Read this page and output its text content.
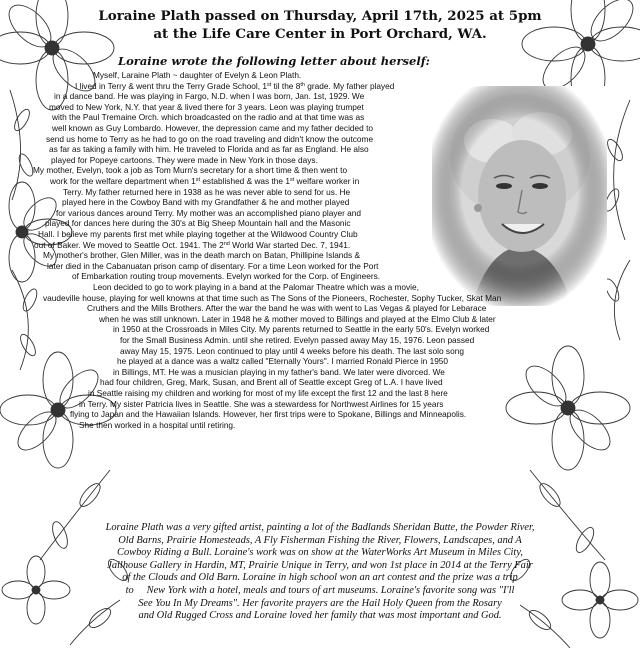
Loraine Plath passed on Thursday, April 17th, 2025 at 5pm
at the Life Care Center in Port Orchard, WA.
Loraine wrote the following letter about herself:
Myself, Laraine Plath ~ daughter of Evelyn & Leon Plath.
I lived in Terry & went thru the Terry Grade School, 1st til the 8th grade. My father played
in a dance band. He was playing in Fargo, N.D. when I was born, Jan. 1st, 1929. We
moved to New York, N.Y. that year & lived there for 3 years. Leon was playing trumpet
with the Paul Tremaine Orch. which broadcasted on the radio and at that time was as
well known as Guy Lombardo. However, the depression came and my father decided to
send us home to Terry as he had to go on the road traveling and didn't know the outcome
as far as taking a family with him. He traveled to Florida and as far as England. He also
played for Popeye cartoons. They were made in New York in those days.
My mother, Evelyn, took a job as Tom Murn's secretary for a short time & then went to
work for the welfare department when 1st established & was the 1st welfare worker in
Terry. My father returned here in 1938 as he was never able to send for us. He
played here in the Cowboy Band with my Grandfather & he and mother played
for various dances around Terry. My mother was an accomplished piano player and
played for dances here during the 30's at Big Sheep Mountain hall and the Masonic
Hall. I believe my parents first met while playing together at the Wildwood Country Club
out of Baker. We moved to Seattle Oct. 1941. The 2nd World War started Dec. 7, 1941.
My mother's brother, Glen Miller, was in the death march on Batan, Phillipine Islands &
later died in the Cabanuatan prison camp of disentary. For a time Leon worked for the Port
of Embarkation routing troup movements. Evelyn worked for the Corp. of Engineers.
Leon decided to go to work playing in a band at the Palomar Theatre which was a movie,
vaudeville house, playing for well knowns at that time such as The Sons of the Pioneers, Rochester, Sophy Tucker, Skat Man
Cruthers and the Mills Brothers. After the war the band he was with went to Las Vegas & played for Lebarace
when he was still unknown. Later in 1948 he & mother moved to Billings and played at the Elmo Club & later
in 1950 at the Crossroads in Miles City. My parents returned to Seattle in the early 50's. Evelyn worked
for the Small Business Admin. until she retired. Evelyn passed away May 15, 1976. Leon passed
away May 15, 1975. Leon continued to play until 4 weeks before his death. The last solo song
he played at a dance was a waltz called "Eternally Yours". I married Ronald Pierce in 1950
in Billings, MT. He was a musician playing in my father's band. We later were divorced. We
had four children, Greg, Mark, Susan, and Brent all of Seattle except Greg of L.A. I have lived
in Seattle raising my children and working for most of my life except the first 12 and the last 8 here
in Terry. My sister Patricia lives in Seattle. She was a stewardess for Northwest Airlines for 15 years
flying to Japan and the Hawaiian Islands. However, her first trips were to Spokane, Billings and Minneapolis.
She then worked in a hospital until retiring.
Loraine Plath was a very gifted artist, painting a lot of the Badlands Sheridan Butte, the Powder River,
Old Barns, Prairie Homesteads, A Fly Fisherman Fishing the River, Flowers, Landscapes, and A
Cowboy Riding a Bull. Loraine's work was on show at the WaterWorks Art Museum in Miles City,
Jailhouse Gallery in Hardin, MT, Prairie Unique in Terry, and won 1st place in 2014 at the Terry Fair
of the Clouds and Old Barn. Loraine in high school won an art contest and the prize was a trip
to     New York with a hotel, meals and tours of art museums. Loraine's favorite song was "I'll
See You In My Dreams". Her favorite prayers are the Hail Holy Queen from the Rosary
and Old Rugged Cross and Loraine loved her family that was most important and God.
